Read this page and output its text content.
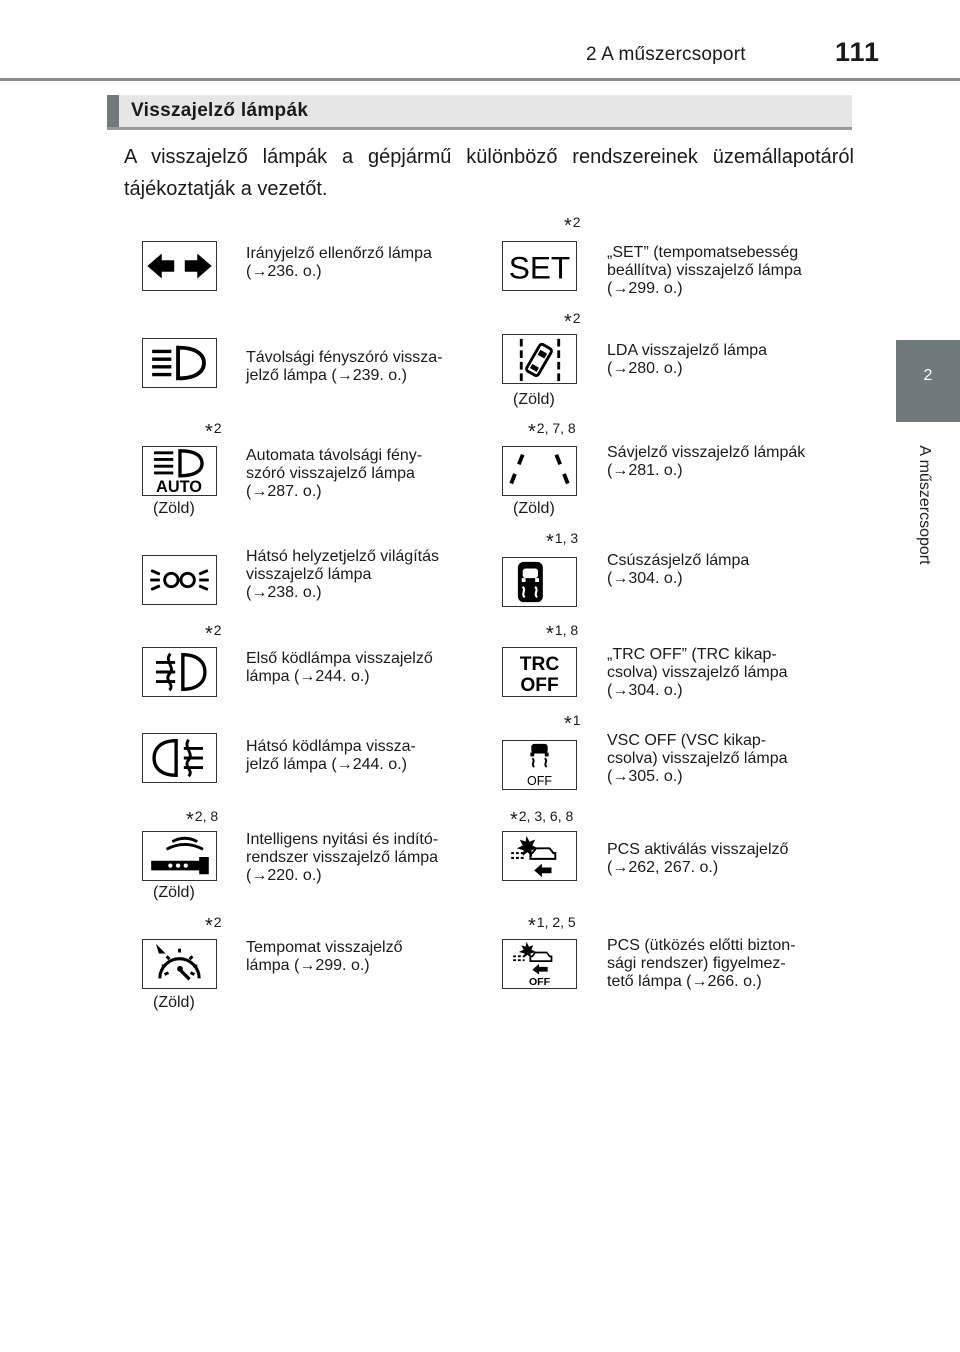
2 A műszercsoport	111
2
A műszercsoport
Visszajelző lámpák
A visszajelző lámpák a gépjármű különböző rendszereinek üzemállapotáról tájékoztatják a vezetőt.
Irányjelző ellenőrző lámpa
(→236. o.)
Távolsági fényszóró vissza-
jelző lámpa (→239. o.)
*2
AUTO
(Zöld)
Automata távolsági fény-
szóró visszajelző lámpa
(→287. o.)
Hátsó helyzetjelző világítás
visszajelző lámpa
(→238. o.)
*2
Első ködlámpa visszajelző
lámpa (→244. o.)
Hátsó ködlámpa vissza-
jelző lámpa (→244. o.)
*2, 8
(Zöld)
Intelligens nyitási és indító-
rendszer visszajelző lámpa
(→220. o.)
*2
(Zöld)
Tempomat visszajelző
lámpa (→299. o.)
*2
SET „SET” (tempomatsebesség
beállítva) visszajelző lámpa
(→299. o.)
*2
(Zöld)
LDA visszajelző lámpa
(→280. o.)
*2, 7, 8
(Zöld)
Sávjelző visszajelző lámpák
(→281. o.)
*1, 3
Csúszásjelző lámpa
(→304. o.)
*1, 8
TRC
OFF
„TRC OFF” (TRC kikap-
csolva) visszajelző lámpa
(→304. o.)
*1
OFF
VSC OFF (VSC kikap-
csolva) visszajelző lámpa
(→305. o.)
*2, 3, 6, 8
PCS aktiválás visszajelző
(→262, 267. o.)
*1, 2, 5
OFF
PCS (ütközés előtti bizton-
sági rendszer) figyelmez-
tető lámpa (→266. o.)
